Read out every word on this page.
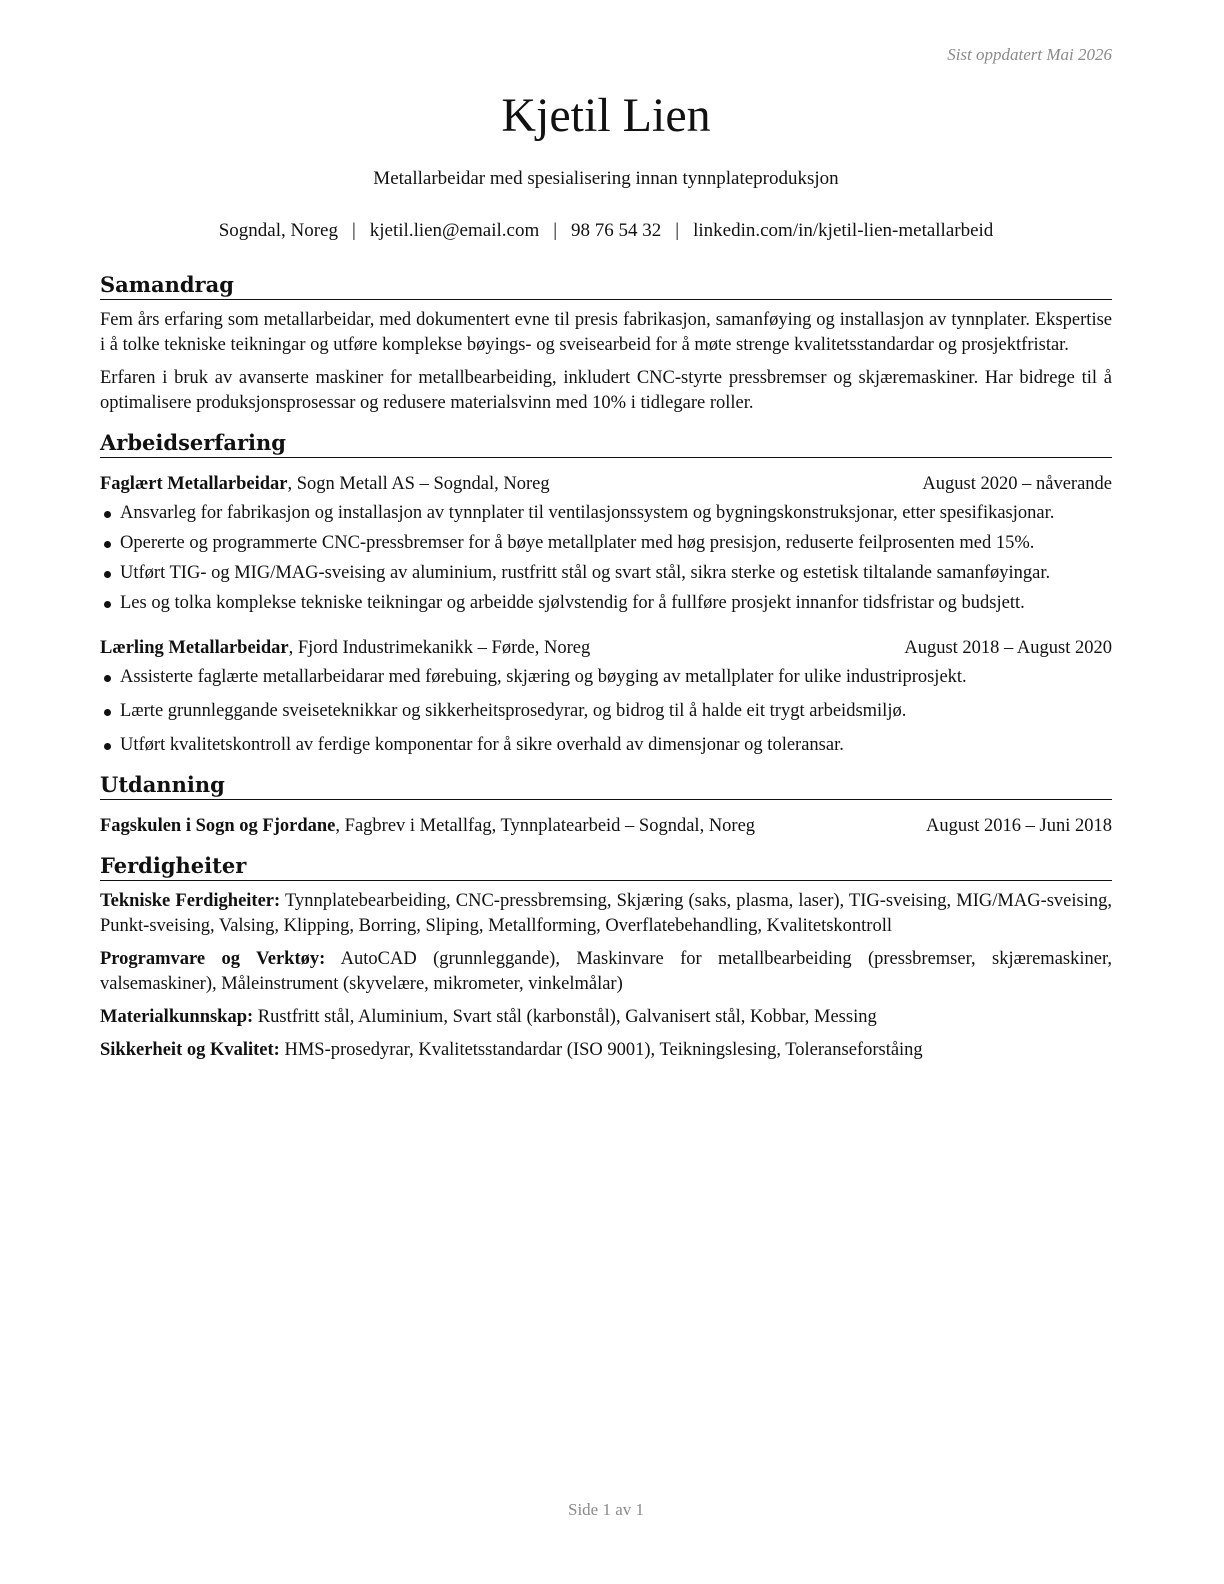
Sist oppdatert Mai 2026
Kjetil Lien
Metallarbeidar med spesialisering innan tynnplateproduksjon
Sogndal, Noreg | kjetil.lien@email.com | 98 76 54 32 | linkedin.com/in/kjetil-lien-metallarbeid
Samandrag

Fem års erfaring som metallarbeidar, med dokumentert evne til presis fabrikasjon, samanføying og installasjon av tynnplater. Ekspertise i å tolke tekniske teikningar og utføre komplekse bøyings- og sveisearbeid for å møte strenge kvalitetsstandardar og prosjektfristar.

Erfaren i bruk av avanserte maskiner for metallbearbeiding, inkludert CNC-styrte pressbremser og skjæremaskiner. Har bidrege til å optimalisere produksjonsprosessar og redusere materialsvinn med 10% i tidlegare roller.

Arbeidserfaring
Faglært Metallarbeidar, Sogn Metall AS – Sogndal, Noreg	August 2020 – nåverande
Ansvarleg for fabrikasjon og installasjon av tynnplater til ventilasjonssystem og bygningskonstruksjonar, etter spesifikasjonar.
Opererte og programmerte CNC-pressbremser for å bøye metallplater med høg presisjon, reduserte feilprosenten med 15%.
Utført TIG- og MIG/MAG-sveising av aluminium, rustfritt stål og svart stål, sikra sterke og estetisk tiltalande samanføyingar.
Les og tolka komplekse tekniske teikningar og arbeidde sjølvstendig for å fullføre prosjekt innanfor tidsfristar og budsjett.
Lærling Metallarbeidar, Fjord Industrimekanikk – Førde, Noreg	August 2018 – August 2020
Assisterte faglærte metallarbeidarar med førebuing, skjæring og bøyging av metallplater for ulike industriprosjekt.
Lærte grunnleggande sveiseteknikkar og sikkerheitsprosedyrar, og bidrog til å halde eit trygt arbeidsmiljø.
Utført kvalitetskontroll av ferdige komponentar for å sikre overhald av dimensjonar og toleransar.
Utdanning
Fagskulen i Sogn og Fjordane, Fagbrev i Metallfag, Tynnplatearbeid – Sogndal, Noreg	August 2016 – Juni 2018
Ferdigheiter
Tekniske Ferdigheiter: Tynnplatebearbeiding, CNC-pressbremsing, Skjæring (saks, plasma, laser), TIG-sveising, MIG/MAG-sveising, Punkt-sveising, Valsing, Klipping, Borring, Sliping, Metallforming, Overflatebehandling, Kvalitetskontroll
Programvare og Verktøy: AutoCAD (grunnleggande), Maskinvare for metallbearbeiding (pressbremser, skjæremaskiner, valsemaskiner), Måleinstrument (skyvelære, mikrometer, vinkelmålar)
Materialkunnskap: Rustfritt stål, Aluminium, Svart stål (karbonstål), Galvanisert stål, Kobbar, Messing
Sikkerheit og Kvalitet: HMS-prosedyrar, Kvalitetsstandardar (ISO 9001), Teikningslesing, Toleranseforståing
Side 1 av 1
